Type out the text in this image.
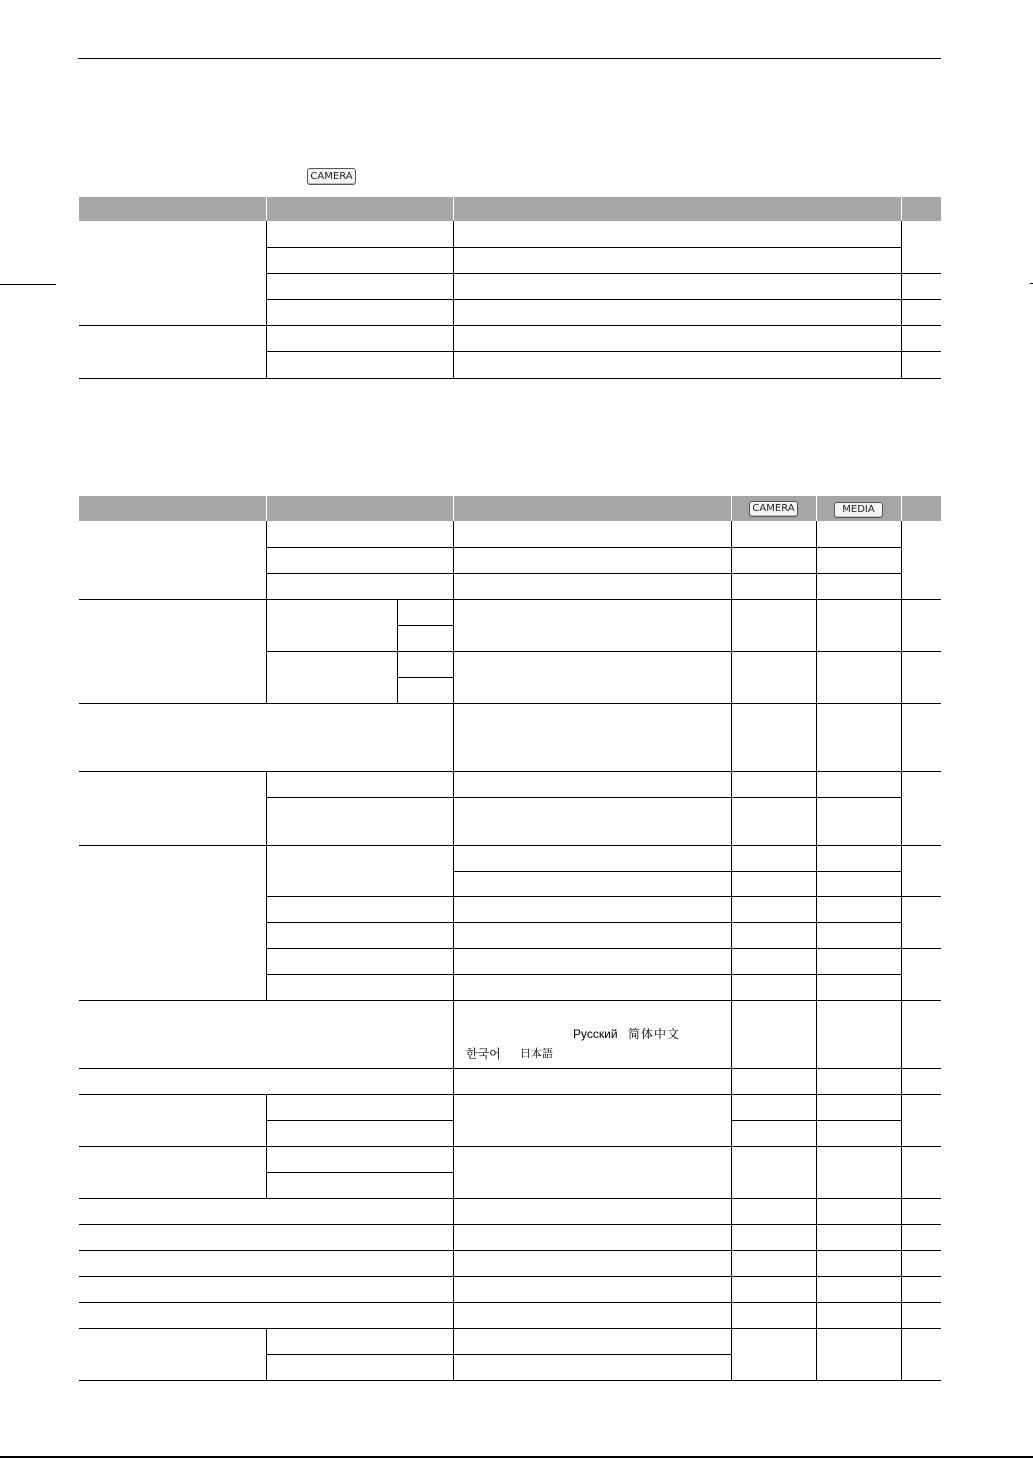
CAMERA
CAMERA	MEDIA
Русский 简体中文
한국어 日本語
